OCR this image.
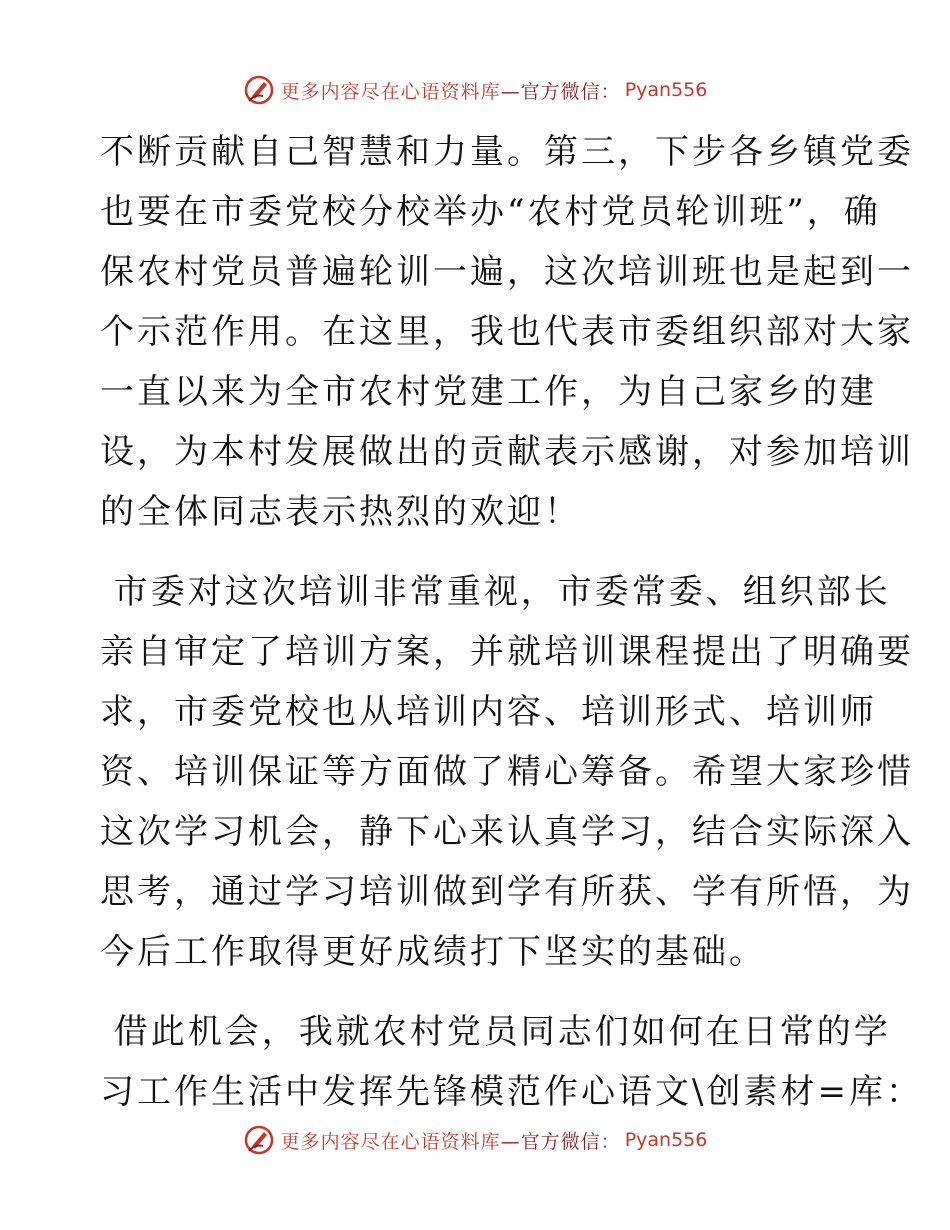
更多内容尽在心语资料库 —官方微信： Pyan556
不断贡献自己智慧和力量。第三，下步各乡镇党委
也要在市委党校分校举办“农村党员轮训班”，确
保农村党员普遍轮训一遍，这次培训班也是起到一
个示范作用。在这里，我也代表市委组织部对大家
一直以来为全市农村党建工作，为自己家乡的建
设，为本村发展做出的贡献表示感谢，对参加培训
的全体同志表示热烈的欢迎！
市委对这次培训非常重视，市委常委、组织部长
亲自审定了培训方案，并就培训课程提出了明确要
求，市委党校也从培训内容、培训形式、培训师
资、培训保证等方面做了精心筹备。希望大家珍惜
这次学习机会，静下心来认真学习，结合实际深入
思考，通过学习培训做到学有所获、学有所悟，为
今后工作取得更好成绩打下坚实的基础。
借此机会，我就农村党员同志们如何在日常的学
习工作生活中发挥先锋模范作心语文\创素材=库：
更多内容尽在心语资料库 —官方微信： Pyan556
